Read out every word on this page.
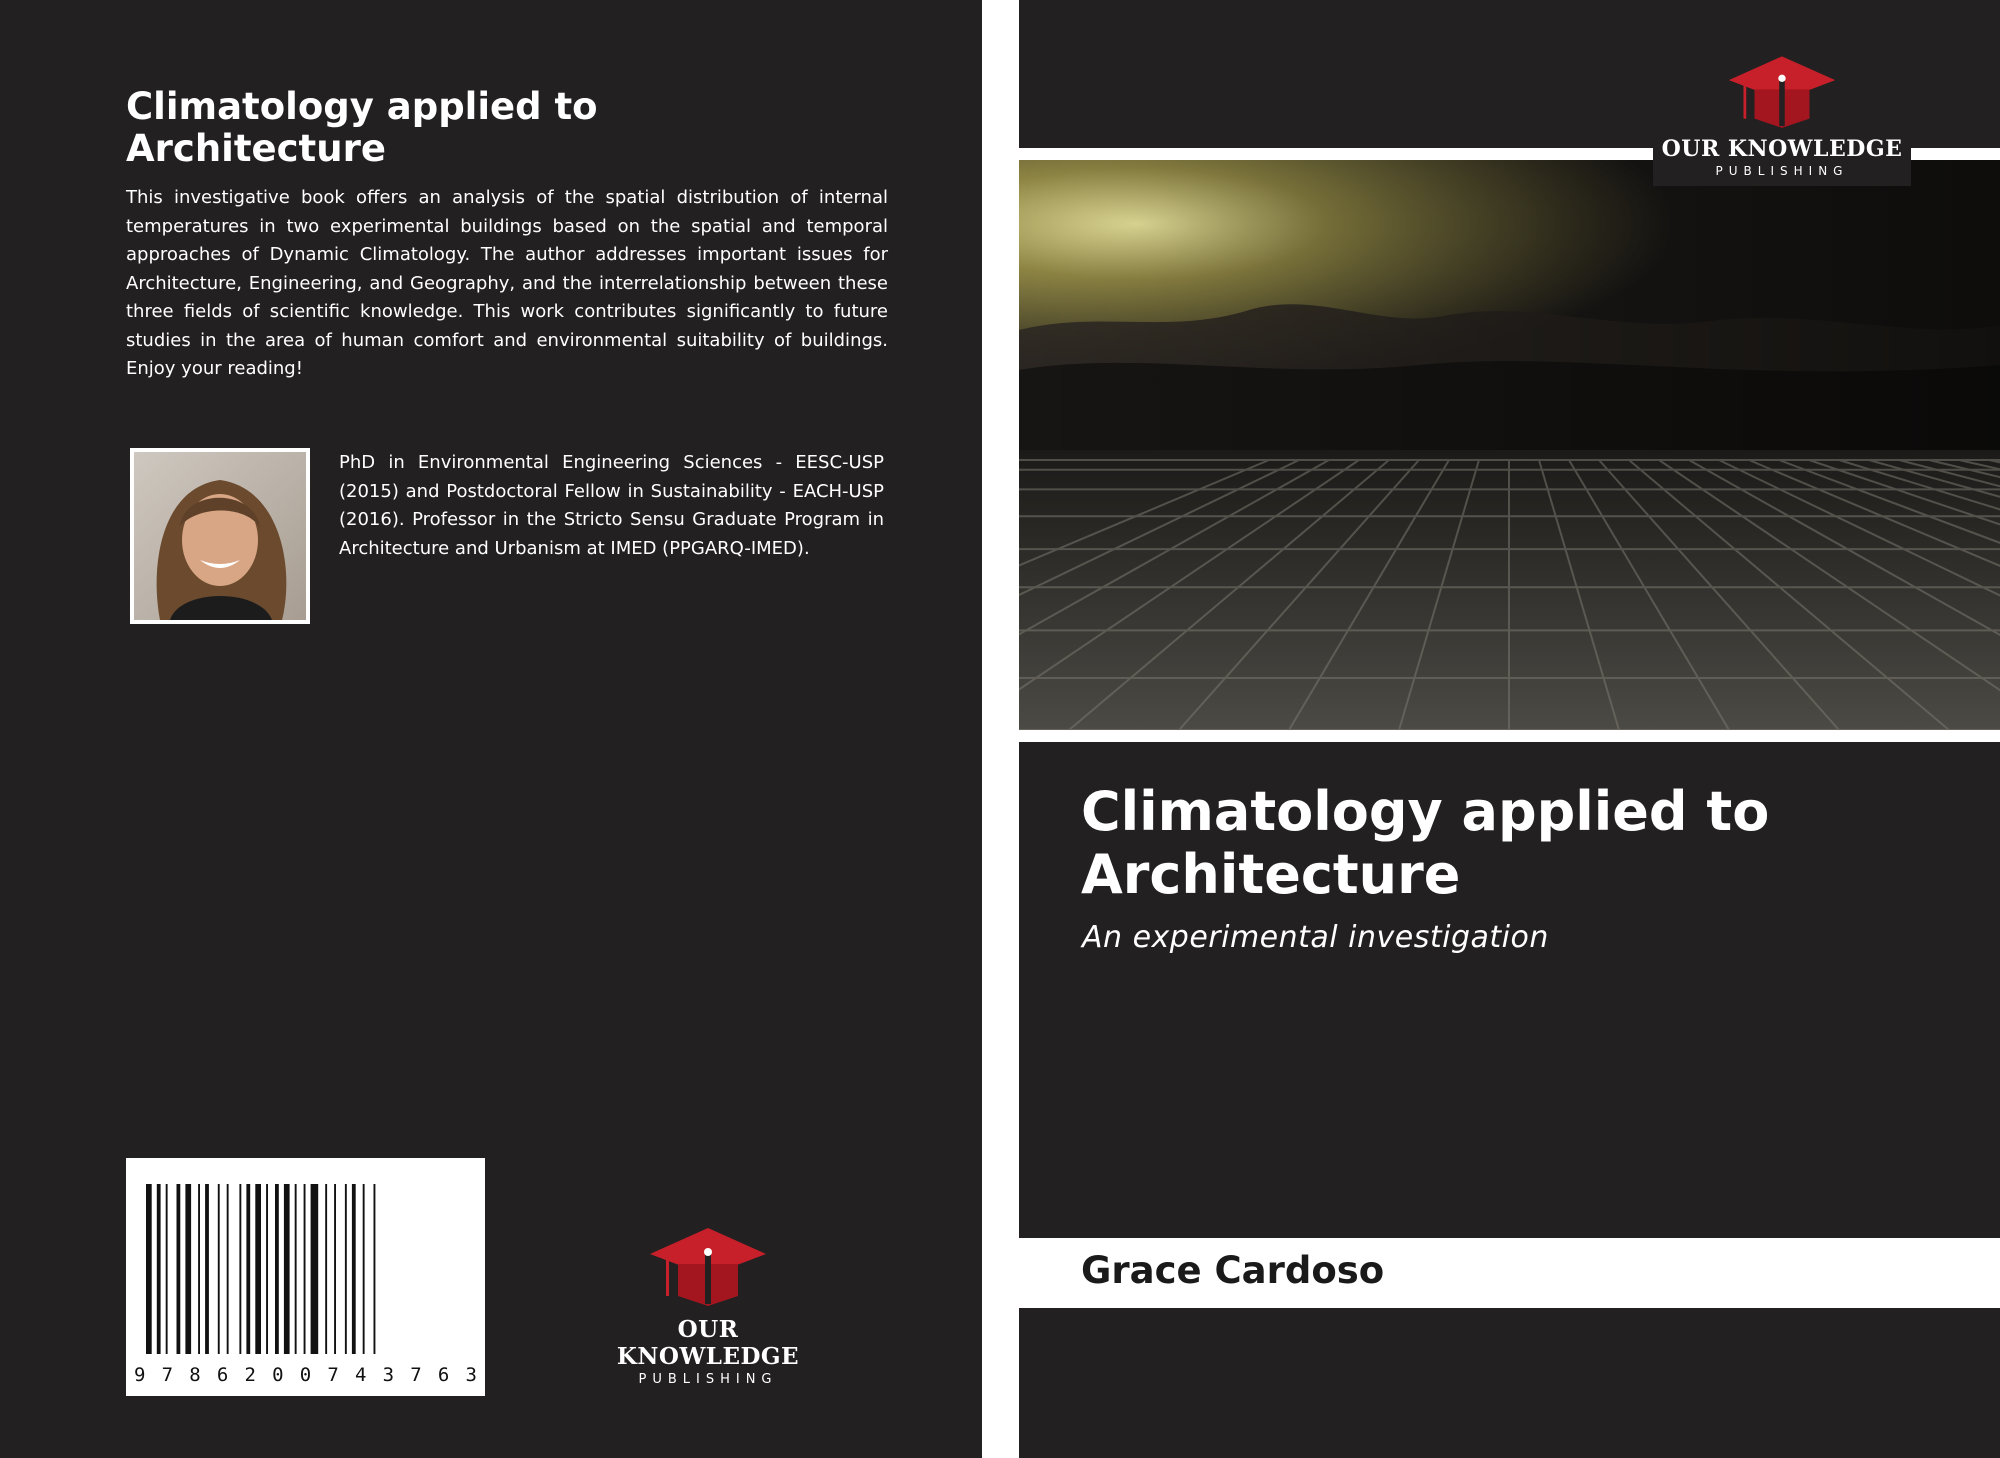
Climatology applied to Architecture
This investigative book offers an analysis of the spatial distribution of internal temperatures in two experimental buildings based on the spatial and temporal approaches of Dynamic Climatology. The author addresses important issues for Architecture, Engineering, and Geography, and the interrelationship between these three fields of scientific knowledge. This work contributes significantly to future studies in the area of human comfort and environmental suitability of buildings. Enjoy your reading!
PhD in Environmental Engineering Sciences - EESC-USP (2015) and Postdoctoral Fellow in Sustainability - EACH-USP (2016). Professor in the Stricto Sensu Graduate Program in Architecture and Urbanism at IMED (PPGARQ-IMED).
9 7 8 6 2 0 0 7 4 3 7 6 3
OUR KNOWLEDGE
PUBLISHING
Climatology applied to Architecture
An experimental investigation
Grace Cardoso
OUR KNOWLEDGE
PUBLISHING
